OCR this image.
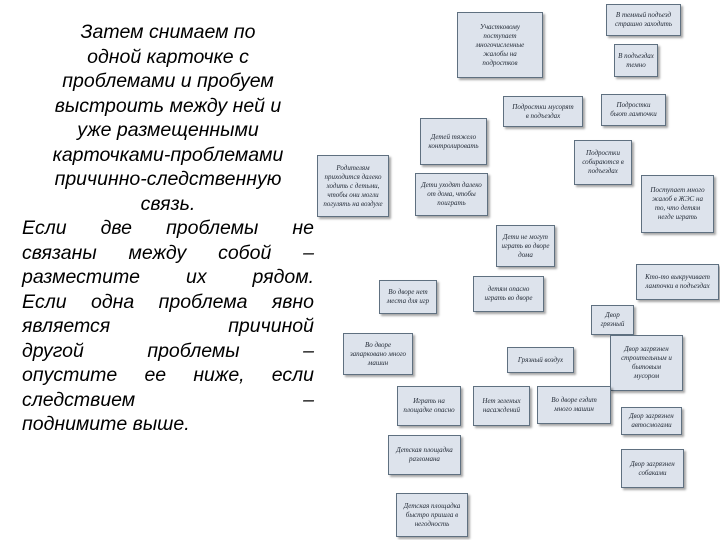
Затем снимаем по

одной карточке с

проблемами и пробуем

выстроить между ней и

уже размещенными

карточками-проблемами

причинно-следственную

связь.

Если две проблемы не

связаны между собой –

разместите их рядом.

Если одна проблема явно

является причиной

другой проблемы –

опустите ее ниже, если

следствием –

поднимите выше.

Участковому
поступает
многочисленные
жалобы на
подростков
В темный подъезд
страшно заходить
В подъездах
темно
Подростки мусорят
в подъездах
Подростки
бьют лампочки
Детей тяжело
контролировать
Подростки
собираются в
подъездах
Родителям
приходится далеко
ходить с детьми,
чтобы они могли
погулять на воздухе
Дети уходят далеко
от дома, чтобы
поиграть
Поступает много
жалоб в ЖЭС на
то, что детям
негде играть
Дети не могут
играть во дворе
дома
Во дворе нет
места для игр
детям опасно
играть во дворе
Кто-то выкручивает
лампочки в подъездах
Двор
грязный
Во дворе
запарковано много
машин	Грязный воздух
Двор загрязнен
строительным и
бытовым
мусором
Играть на
площадке опасно
Нет зеленых
насаждений
Во дворе ездит
много машин
Двор загрязнен
автосмогами
Детская площадка
разломана
Двор загрязнен
собаками
Детская площадка
быстро пришла в
негодность
